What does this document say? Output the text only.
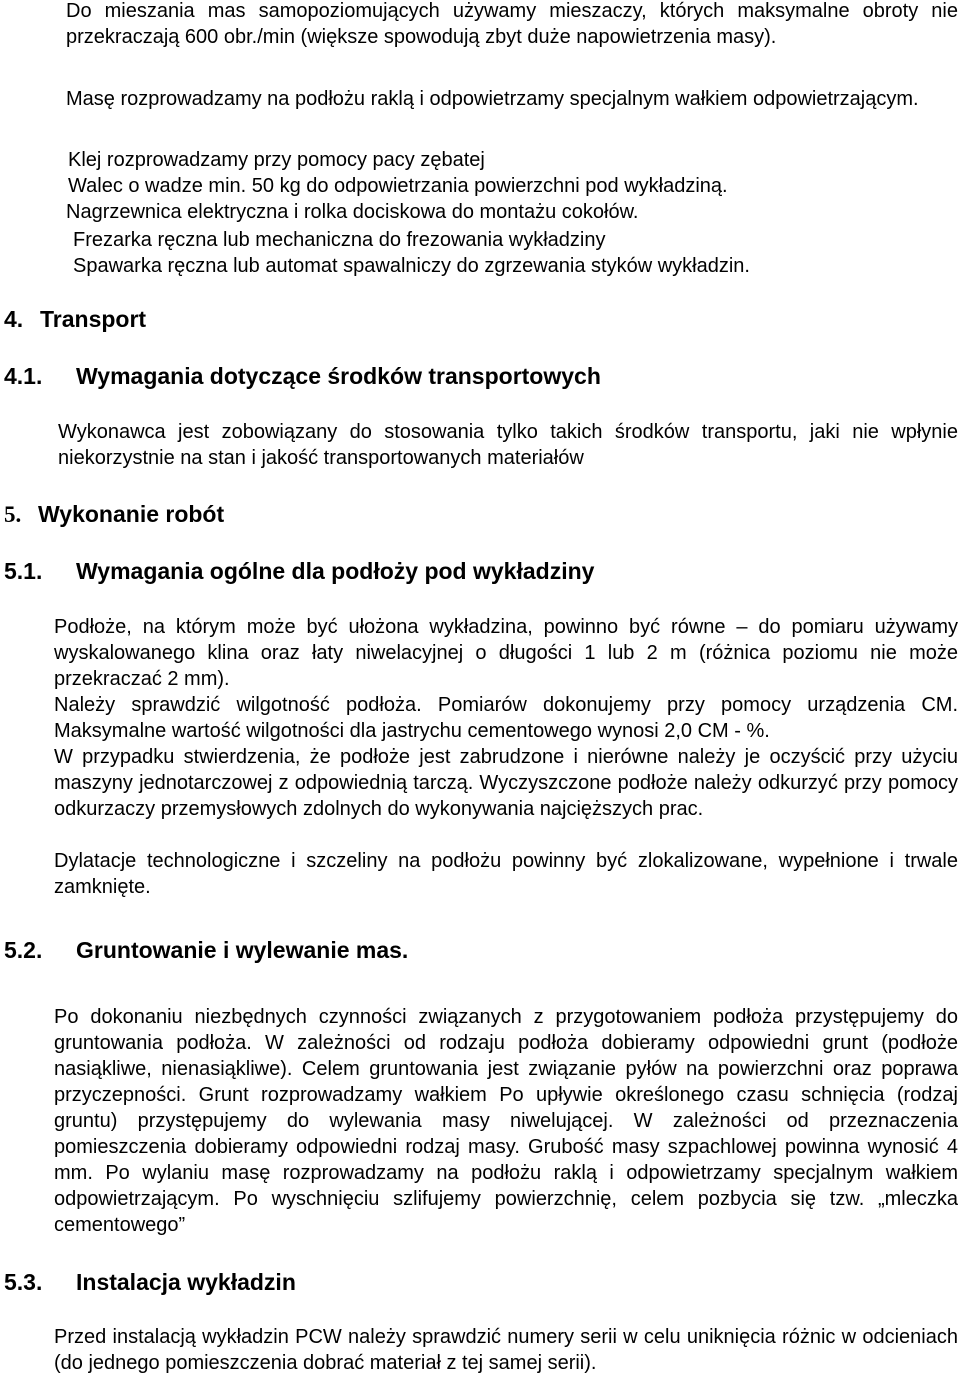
Do mieszania mas samopoziomujących używamy mieszaczy, których maksymalne obroty nie przekraczają 600 obr./min (większe spowodują zbyt duże napowietrzenia masy).

Masę rozprowadzamy na podłożu raklą i odpowietrzamy specjalnym wałkiem odpowietrzającym.

Klej rozprowadzamy przy pomocy pacy zębatej

Walec o wadze min. 50 kg do odpowietrzania powierzchni pod wykładziną.

Nagrzewnica elektryczna i rolka dociskowa do montażu cokołów.

Frezarka ręczna lub mechaniczna do frezowania wykładziny

Spawarka ręczna lub automat spawalniczy do zgrzewania styków wykładzin.

4. Transport
4.1. Wymagania dotyczące środków transportowych

Wykonawca jest zobowiązany do stosowania tylko takich środków transportu, jaki nie wpłynie niekorzystnie na stan i jakość transportowanych materiałów

5. Wykonanie robót
5.1. Wymagania ogólne dla podłoży pod wykładziny

Podłoże, na którym może być ułożona wykładzina, powinno być równe – do pomiaru używamy wyskalowanego klina oraz łaty niwelacyjnej o długości 1 lub 2 m (różnica poziomu nie może przekraczać 2 mm).

Należy sprawdzić wilgotność podłoża. Pomiarów dokonujemy przy pomocy urządzenia CM. Maksymalne wartość wilgotności dla jastrychu cementowego wynosi 2,0 CM - %.

W przypadku stwierdzenia, że podłoże jest zabrudzone i nierówne należy je oczyścić przy użyciu maszyny jednotarczowej z odpowiednią tarczą. Wyczyszczone podłoże należy odkurzyć przy pomocy odkurzaczy przemysłowych zdolnych do wykonywania najcięższych prac.

Dylatacje technologiczne i szczeliny na podłożu powinny być zlokalizowane, wypełnione i trwale zamknięte.

5.2. Gruntowanie i wylewanie mas.

Po dokonaniu niezbędnych czynności związanych z przygotowaniem podłoża przystępujemy do gruntowania podłoża. W zależności od rodzaju podłoża dobieramy odpowiedni grunt (podłoże nasiąkliwe, nienasiąkliwe). Celem gruntowania jest związanie pyłów na powierzchni oraz poprawa przyczepności. Grunt rozprowadzamy wałkiem Po upływie określonego czasu schnięcia (rodzaj gruntu) przystępujemy do wylewania masy niwelującej. W zależności od przeznaczenia pomieszczenia dobieramy odpowiedni rodzaj masy. Grubość masy szpachlowej powinna wynosić 4 mm. Po wylaniu masę rozprowadzamy na podłożu raklą i odpowietrzamy specjalnym wałkiem odpowietrzającym. Po wyschnięciu szlifujemy powierzchnię, celem pozbycia się tzw. „mleczka cementowego”

5.3. Instalacja wykładzin

Przed instalacją wykładzin PCW należy sprawdzić numery serii w celu uniknięcia różnic w odcieniach (do jednego pomieszczenia dobrać materiał z tej samej serii).
